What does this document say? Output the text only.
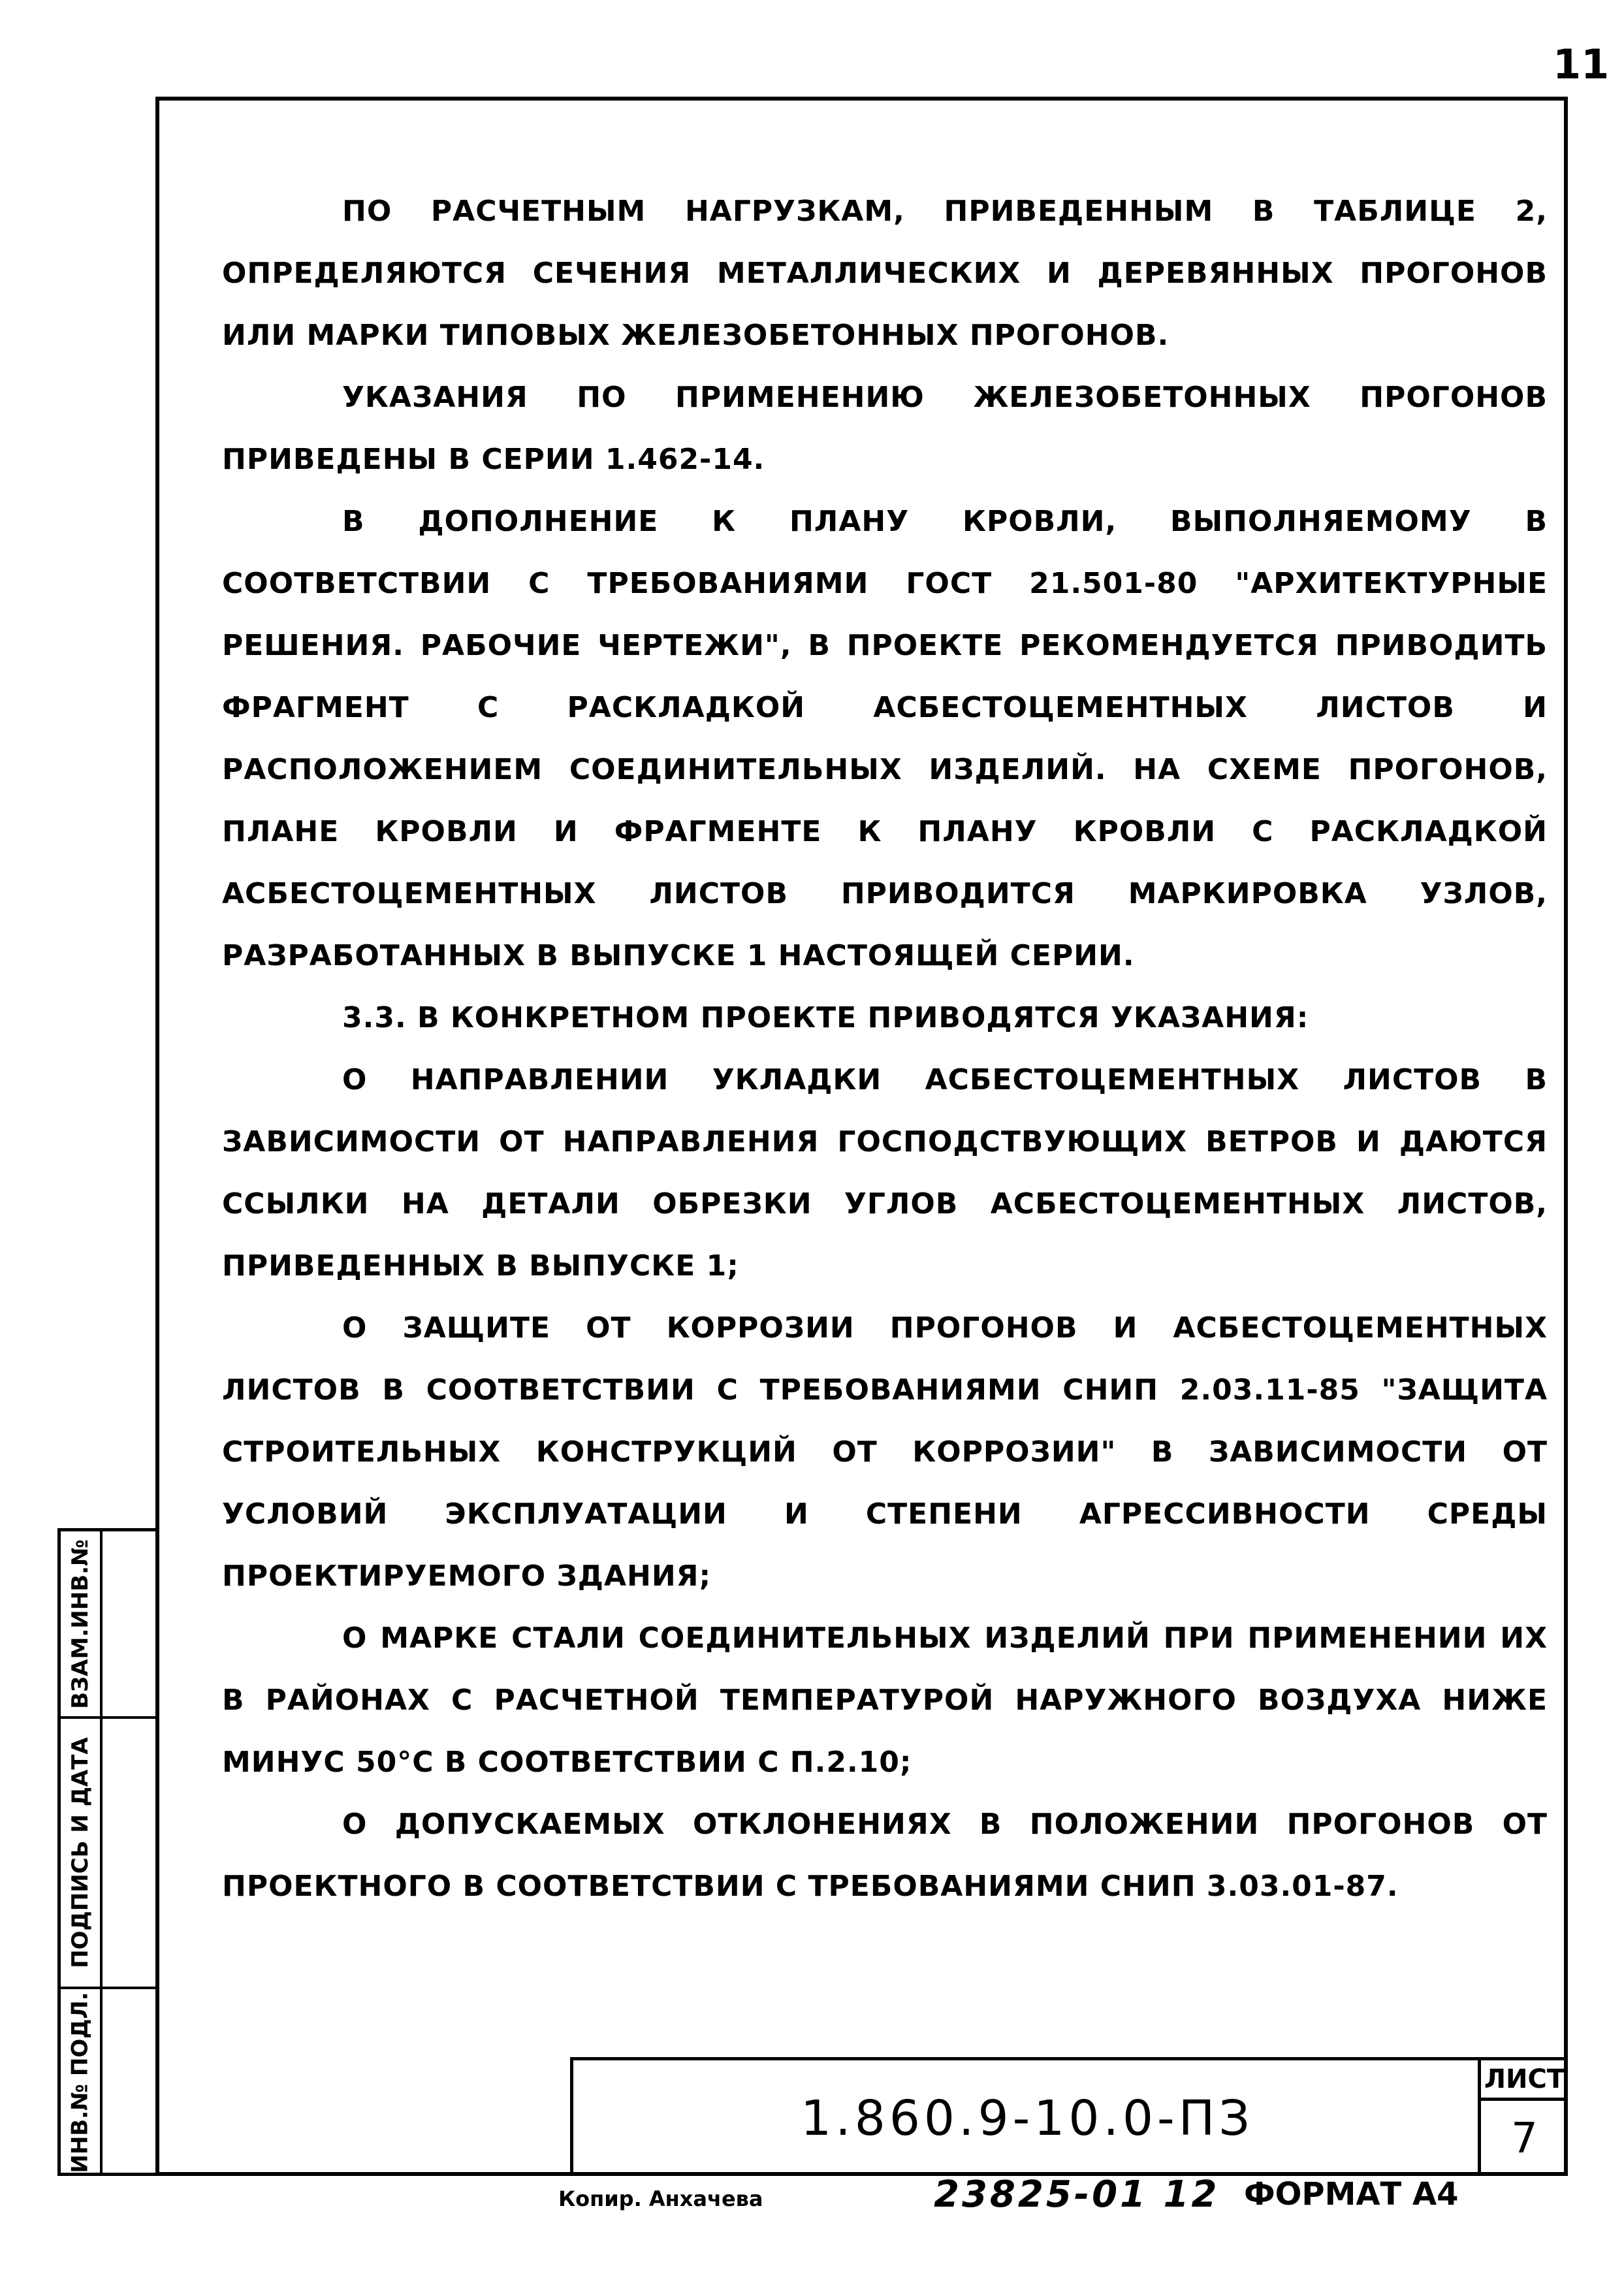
11

ПО РАСЧЕТНЫМ НАГРУЗКАМ, ПРИВЕДЕННЫМ В ТАБЛИЦЕ 2, ОПРЕДЕЛЯЮТСЯ СЕЧЕНИЯ МЕТАЛЛИЧЕСКИХ И ДЕРЕВЯННЫХ ПРОГОНОВ ИЛИ МАРКИ ТИПОВЫХ ЖЕЛЕЗОБЕТОННЫХ ПРОГОНОВ.

УКАЗАНИЯ ПО ПРИМЕНЕНИЮ ЖЕЛЕЗОБЕТОННЫХ ПРОГОНОВ ПРИВЕДЕНЫ В СЕРИИ 1.462-14.

В ДОПОЛНЕНИЕ К ПЛАНУ КРОВЛИ, ВЫПОЛНЯЕМОМУ В СООТВЕТСТВИИ С ТРЕБОВАНИЯМИ ГОСТ 21.501-80 "АРХИТЕКТУРНЫЕ РЕШЕНИЯ. РАБОЧИЕ ЧЕРТЕЖИ", В ПРОЕКТЕ РЕКОМЕНДУЕТСЯ ПРИВОДИТЬ ФРАГМЕНТ С РАСКЛАДКОЙ АСБЕСТОЦЕМЕНТНЫХ ЛИСТОВ И РАСПОЛОЖЕНИЕМ СОЕДИНИТЕЛЬНЫХ ИЗДЕЛИЙ. НА СХЕМЕ ПРОГОНОВ, ПЛАНЕ КРОВЛИ И ФРАГМЕНТЕ К ПЛАНУ КРОВЛИ С РАСКЛАДКОЙ АСБЕСТОЦЕМЕНТНЫХ ЛИСТОВ ПРИВОДИТСЯ МАРКИРОВКА УЗЛОВ, РАЗРАБОТАННЫХ В ВЫПУСКЕ 1 НАСТОЯЩЕЙ СЕРИИ.

3.3. В КОНКРЕТНОМ ПРОЕКТЕ ПРИВОДЯТСЯ УКАЗАНИЯ:

О НАПРАВЛЕНИИ УКЛАДКИ АСБЕСТОЦЕМЕНТНЫХ ЛИСТОВ В ЗАВИСИМОСТИ ОТ НАПРАВЛЕНИЯ ГОСПОДСТВУЮЩИХ ВЕТРОВ И ДАЮТСЯ ССЫЛКИ НА ДЕТАЛИ ОБРЕЗКИ УГЛОВ АСБЕСТОЦЕМЕНТНЫХ ЛИСТОВ, ПРИВЕДЕННЫХ В ВЫПУСКЕ 1;

О ЗАЩИТЕ ОТ КОРРОЗИИ ПРОГОНОВ И АСБЕСТОЦЕМЕНТНЫХ ЛИСТОВ В СООТВЕТСТВИИ С ТРЕБОВАНИЯМИ СНИП 2.03.11-85 "ЗАЩИТА СТРОИТЕЛЬНЫХ КОНСТРУКЦИЙ ОТ КОРРОЗИИ" В ЗАВИСИМОСТИ ОТ УСЛОВИЙ ЭКСПЛУАТАЦИИ И СТЕПЕНИ АГРЕССИВНОСТИ СРЕДЫ ПРОЕКТИРУЕМОГО ЗДАНИЯ;

О МАРКЕ СТАЛИ СОЕДИНИТЕЛЬНЫХ ИЗДЕЛИЙ ПРИ ПРИМЕНЕНИИ ИХ В РАЙОНАХ С РАСЧЕТНОЙ ТЕМПЕРАТУРОЙ НАРУЖНОГО ВОЗДУХА НИЖЕ МИНУС 50°С В СООТВЕТСТВИИ С П.2.10;

О ДОПУСКАЕМЫХ ОТКЛОНЕНИЯХ В ПОЛОЖЕНИИ ПРОГОНОВ ОТ ПРОЕКТНОГО В СООТВЕТСТВИИ С ТРЕБОВАНИЯМИ СНИП 3.03.01-87.

ВЗАМ.ИНВ.№
ПОДПИСЬ И ДАТА
ИНВ.№ ПОДЛ.	1.860.9-10.0-ПЗ
ЛИСТ
7
Копир. Анхачева	23825-01 12 ФОРМАТ А4
